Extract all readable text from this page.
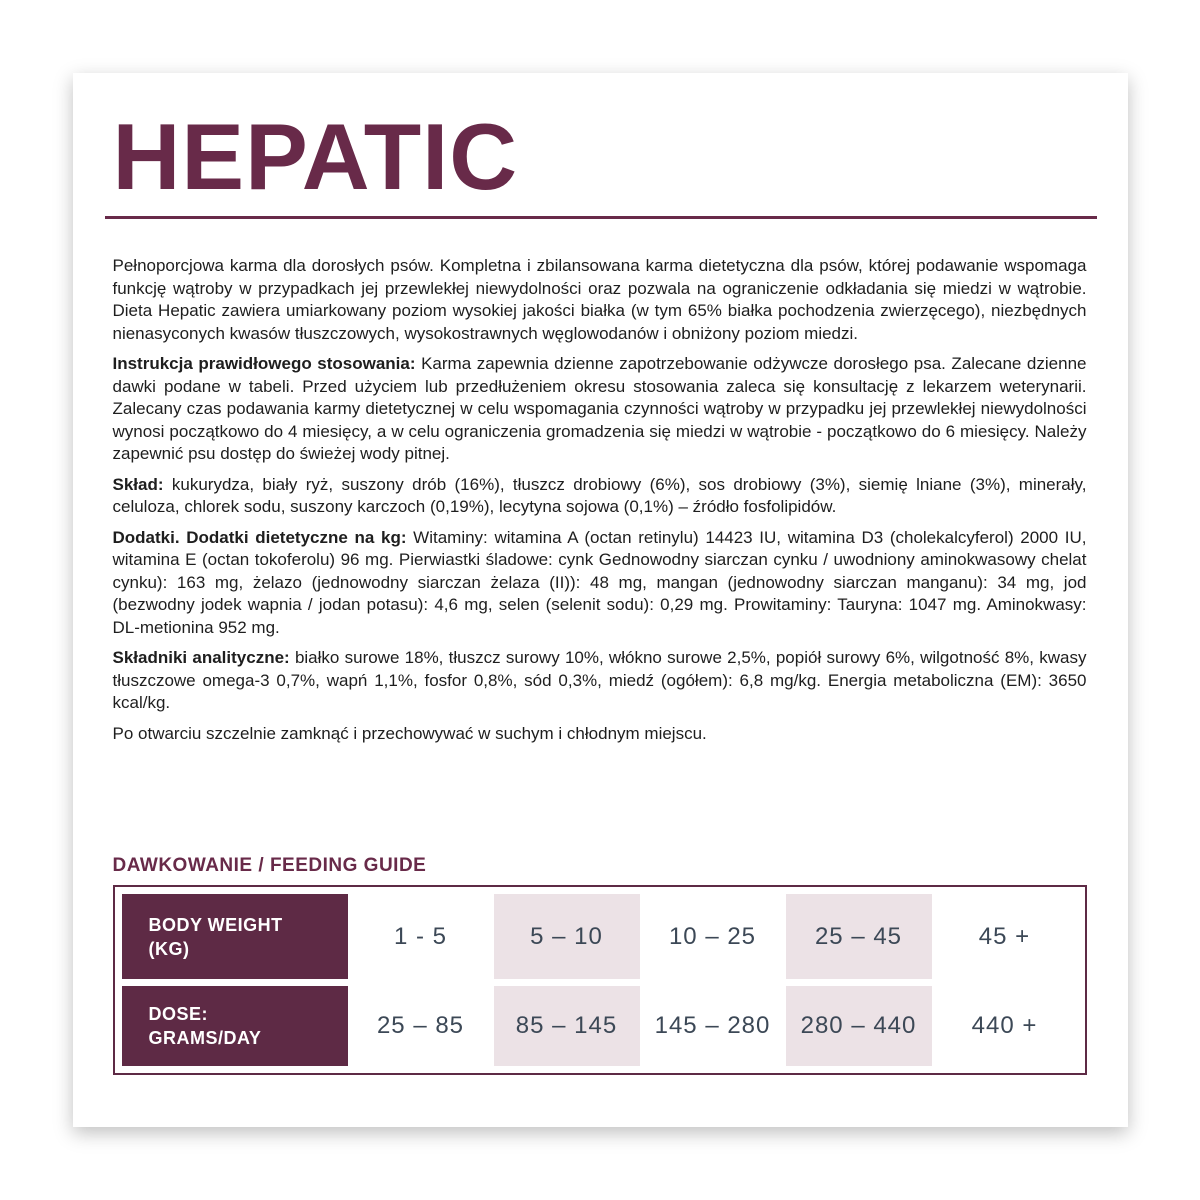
HEPATIC

Pełnoporcjowa karma dla dorosłych psów. Kompletna i zbilansowana karma dietetyczna dla psów, której podawanie wspomaga funkcję wątroby w przypadkach jej przewlekłej niewydolności oraz pozwala na ograniczenie odkładania się miedzi w wątrobie. Dieta Hepatic zawiera umiarkowany poziom wysokiej jakości białka (w tym 65% białka pochodzenia zwierzęcego), niezbędnych nienasyconych kwasów tłuszczowych, wysokostrawnych węglowodanów i obniżony poziom miedzi.

Instrukcja prawidłowego stosowania: Karma zapewnia dzienne zapotrzebowanie odżywcze dorosłego psa. Zalecane dzienne dawki podane w tabeli. Przed użyciem lub przedłużeniem okresu stosowania zaleca się konsultację z lekarzem weterynarii. Zalecany czas podawania karmy dietetycznej w celu wspomagania czynności wątroby w przypadku jej przewlekłej niewydolności wynosi początkowo do 4 miesięcy, a w celu ograniczenia gromadzenia się miedzi w wątrobie - początkowo do 6 miesięcy. Należy zapewnić psu dostęp do świeżej wody pitnej.

Skład: kukurydza, biały ryż, suszony drób (16%), tłuszcz drobiowy (6%), sos drobiowy (3%), siemię lniane (3%), minerały, celuloza, chlorek sodu, suszony karczoch (0,19%), lecytyna sojowa (0,1%) – źródło fosfolipidów.

Dodatki. Dodatki dietetyczne na kg: Witaminy: witamina A (octan retinylu) 14423 IU, witamina D3 (cholekalcyferol) 2000 IU, witamina E (octan tokoferolu) 96 mg. Pierwiastki śladowe: cynk Gednowodny siarczan cynku / uwodniony aminokwasowy chelat cynku): 163 mg, żelazo (jednowodny siarczan żelaza (II)): 48 mg, mangan (jednowodny siarczan manganu): 34 mg, jod (bezwodny jodek wapnia / jodan potasu): 4,6 mg, selen (selenit sodu): 0,29 mg. Prowitaminy: Tauryna: 1047 mg. Aminokwasy: DL-metionina 952 mg.

Składniki analityczne: białko surowe 18%, tłuszcz surowy 10%, włókno surowe 2,5%, popiół surowy 6%, wilgotność 8%, kwasy tłuszczowe omega-3 0,7%, wapń 1,1%, fosfor 0,8%, sód 0,3%, miedź (ogółem): 6,8 mg/kg. Energia metaboliczna (EM): 3650 kcal/kg.

Po otwarciu szczelnie zamknąć i przechowywać w suchym i chłodnym miejscu.

DAWKOWANIE / FEEDING GUIDE
BODY WEIGHT
(KG)	1 - 5	5 – 10	10 – 25	25 – 45	45 +
DOSE:
GRAMS/DAY	25 – 85	85 – 145	145 – 280	280 – 440	440 +
